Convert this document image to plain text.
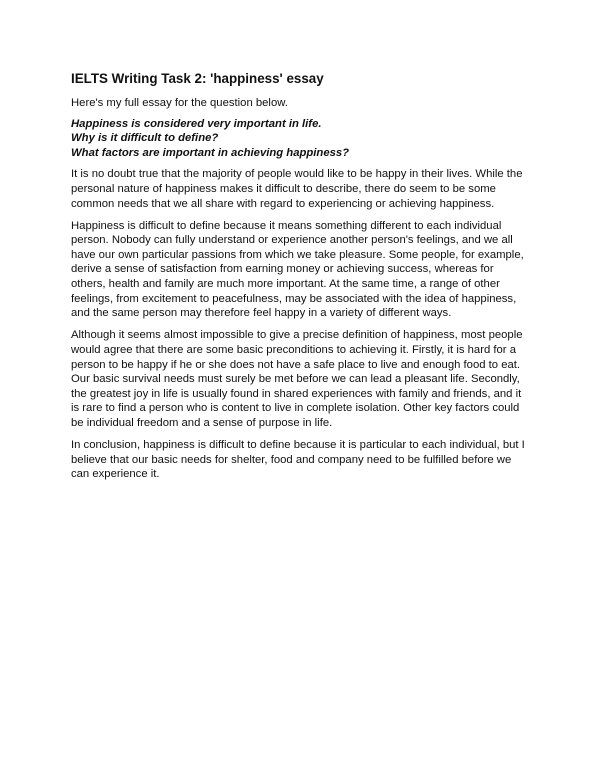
IELTS Writing Task 2: 'happiness' essay
Here's my full essay for the question below.
Happiness is considered very important in life.
Why is it difficult to define?
What factors are important in achieving happiness?

It is no doubt true that the majority of people would like to be happy in their lives. While the personal nature of happiness makes it difficult to describe, there do seem to be some common needs that we all share with regard to experiencing or achieving happiness.

Happiness is difficult to define because it means something different to each individual person. Nobody can fully understand or experience another person's feelings, and we all have our own particular passions from which we take pleasure. Some people, for example, derive a sense of satisfaction from earning money or achieving success, whereas for others, health and family are much more important. At the same time, a range of other feelings, from excitement to peacefulness, may be associated with the idea of happiness, and the same person may therefore feel happy in a variety of different ways.

Although it seems almost impossible to give a precise definition of happiness, most people would agree that there are some basic preconditions to achieving it. Firstly, it is hard for a person to be happy if he or she does not have a safe place to live and enough food to eat. Our basic survival needs must surely be met before we can lead a pleasant life. Secondly, the greatest joy in life is usually found in shared experiences with family and friends, and it is rare to find a person who is content to live in complete isolation. Other key factors could be individual freedom and a sense of purpose in life.

In conclusion, happiness is difficult to define because it is particular to each individual, but I believe that our basic needs for shelter, food and company need to be fulfilled before we can experience it.
